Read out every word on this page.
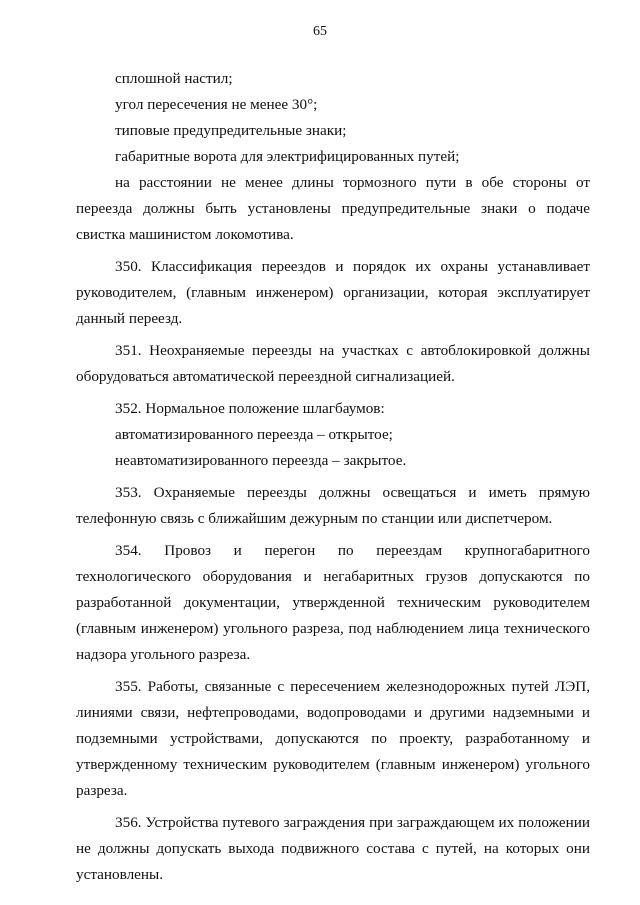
65

сплошной настил;

угол пересечения не менее 30°;

типовые предупредительные знаки;

габаритные ворота для электрифицированных путей;

на расстоянии не менее длины тормозного пути в обе стороны от переезда должны быть установлены предупредительные знаки о подаче свистка машинистом локомотива.

350. Классификация переездов и порядок их охраны устанавливает руководителем, (главным инженером) организации, которая эксплуатирует данный переезд.

351. Неохраняемые переезды на участках с автоблокировкой должны оборудоваться автоматической переездной сигнализацией.

352. Нормальное положение шлагбаумов:

автоматизированного переезда – открытое;

неавтоматизированного переезда – закрытое.

353. Охраняемые переезды должны освещаться и иметь прямую телефонную связь с ближайшим дежурным по станции или диспетчером.

354. Провоз и перегон по переездам крупногабаритного технологического оборудования и негабаритных грузов допускаются по разработанной документации, утвержденной техническим руководителем (главным инженером) угольного разреза, под наблюдением лица технического надзора угольного разреза.

355. Работы, связанные с пересечением железнодорожных путей ЛЭП, линиями связи, нефтепроводами, водопроводами и другими надземными и подземными устройствами, допускаются по проекту, разработанному и утвержденному техническим руководителем (главным инженером) угольного разреза.

356. Устройства путевого заграждения при заграждающем их положении не должны допускать выхода подвижного состава с путей, на которых они установлены.
